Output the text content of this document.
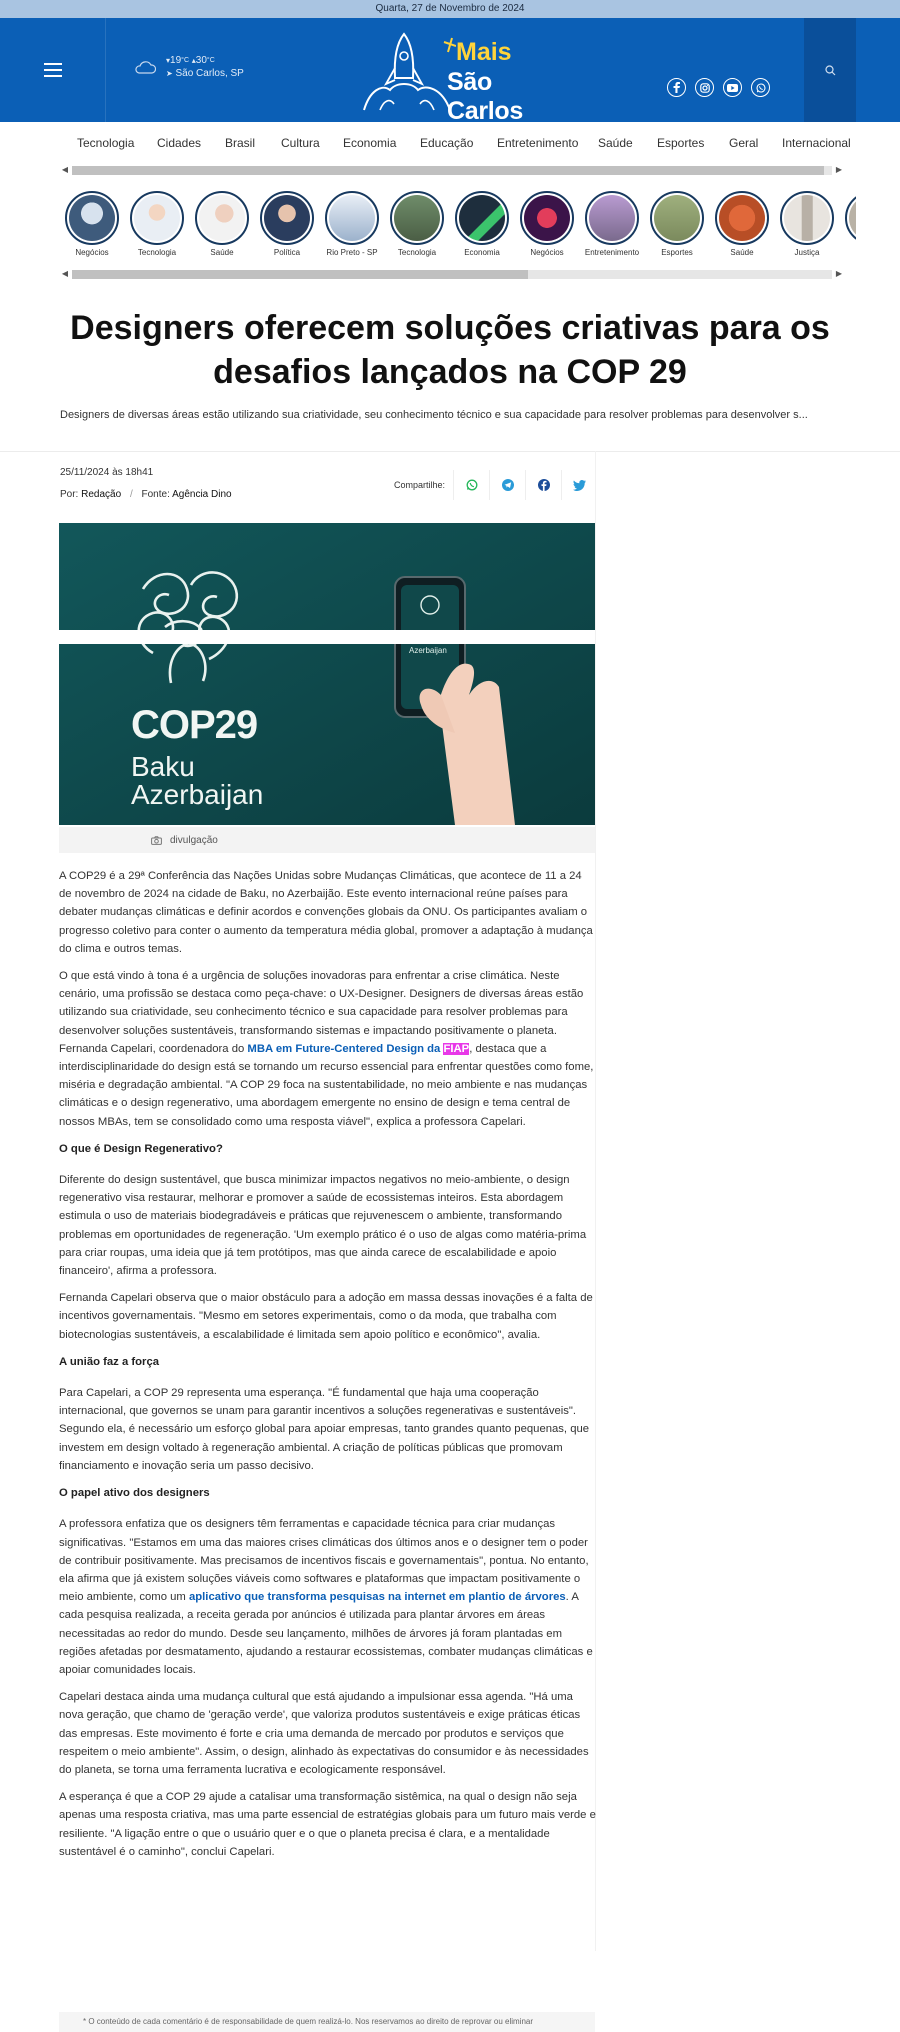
Quarta, 27 de Novembro de 2024
$▾19^{^\circ C}$ $▴30^{^\circ C}$
➤ São Carlos, SP
Mais
São Carlos
Tecnologia Cidades Brasil Cultura Economia Educação Entretenimento Saúde Esportes Geral Internacional
◀	▶
Negócios	Tecnologia	Saúde	Política	Rio Preto - SP	Tecnologia	Economia	Negócios	Entretenimento	Esportes	Saúde	Justiça
◀	▶
Designers oferecem soluções criativas para os desafios lançados na COP 29
Designers de diversas áreas estão utilizando sua criatividade, seu conhecimento técnico e sua capacidade para resolver problemas para desenvolver s...
25/11/2024 às 18h41
Por: Redação / Fonte: Agência Dino
Compartilhe:
COP29
Baku
Azerbaijan
Azerbaijan
divulgação

A COP29 é a 29ª Conferência das Nações Unidas sobre Mudanças Climáticas, que acontece de 11 a 24 de novembro de 2024 na cidade de Baku, no Azerbaijão. Este evento internacional reúne países para debater mudanças climáticas e definir acordos e convenções globais da ONU. Os participantes avaliam o progresso coletivo para conter o aumento da temperatura média global, promover a adaptação à mudança do clima e outros temas.

O que está vindo à tona é a urgência de soluções inovadoras para enfrentar a crise climática. Neste cenário, uma profissão se destaca como peça-chave: o UX-Designer. Designers de diversas áreas estão utilizando sua criatividade, seu conhecimento técnico e sua capacidade para resolver problemas para desenvolver soluções sustentáveis, transformando sistemas e impactando positivamente o planeta. Fernanda Capelari, coordenadora do MBA em Future-Centered Design da FIAP, destaca que a interdisciplinaridade do design está se tornando um recurso essencial para enfrentar questões como fome, miséria e degradação ambiental. "A COP 29 foca na sustentabilidade, no meio ambiente e nas mudanças climáticas e o design regenerativo, uma abordagem emergente no ensino de design e tema central de nossos MBAs, tem se consolidado como uma resposta viável", explica a professora Capelari.

O que é Design Regenerativo?

Diferente do design sustentável, que busca minimizar impactos negativos no meio-ambiente, o design regenerativo visa restaurar, melhorar e promover a saúde de ecossistemas inteiros. Esta abordagem estimula o uso de materiais biodegradáveis e práticas que rejuvenescem o ambiente, transformando problemas em oportunidades de regeneração. 'Um exemplo prático é o uso de algas como matéria-prima para criar roupas, uma ideia que já tem protótipos, mas que ainda carece de escalabilidade e apoio financeiro', afirma a professora.

Fernanda Capelari observa que o maior obstáculo para a adoção em massa dessas inovações é a falta de incentivos governamentais. "Mesmo em setores experimentais, como o da moda, que trabalha com biotecnologias sustentáveis, a escalabilidade é limitada sem apoio político e econômico", avalia.

A união faz a força

Para Capelari, a COP 29 representa uma esperança. "É fundamental que haja uma cooperação internacional, que governos se unam para garantir incentivos a soluções regenerativas e sustentáveis". Segundo ela, é necessário um esforço global para apoiar empresas, tanto grandes quanto pequenas, que investem em design voltado à regeneração ambiental. A criação de políticas públicas que promovam financiamento e inovação seria um passo decisivo.

O papel ativo dos designers

A professora enfatiza que os designers têm ferramentas e capacidade técnica para criar mudanças significativas. "Estamos em uma das maiores crises climáticas dos últimos anos e o designer tem o poder de contribuir positivamente. Mas precisamos de incentivos fiscais e governamentais", pontua. No entanto, ela afirma que já existem soluções viáveis como softwares e plataformas que impactam positivamente o meio ambiente, como um aplicativo que transforma pesquisas na internet em plantio de árvores. A cada pesquisa realizada, a receita gerada por anúncios é utilizada para plantar árvores em áreas necessitadas ao redor do mundo. Desde seu lançamento, milhões de árvores já foram plantadas em regiões afetadas por desmatamento, ajudando a restaurar ecossistemas, combater mudanças climáticas e apoiar comunidades locais.

Capelari destaca ainda uma mudança cultural que está ajudando a impulsionar essa agenda. "Há uma nova geração, que chamo de 'geração verde', que valoriza produtos sustentáveis e exige práticas éticas das empresas. Este movimento é forte e cria uma demanda de mercado por produtos e serviços que respeitem o meio ambiente". Assim, o design, alinhado às expectativas do consumidor e às necessidades do planeta, se torna uma ferramenta lucrativa e ecologicamente responsável.

A esperança é que a COP 29 ajude a catalisar uma transformação sistêmica, na qual o design não seja apenas uma resposta criativa, mas uma parte essencial de estratégias globais para um futuro mais verde e resiliente. "A ligação entre o que o usuário quer e o que o planeta precisa é clara, e a mentalidade sustentável é o caminho", conclui Capelari.

* O conteúdo de cada comentário é de responsabilidade de quem realizá-lo. Nos reservamos ao direito de reprovar ou eliminar
